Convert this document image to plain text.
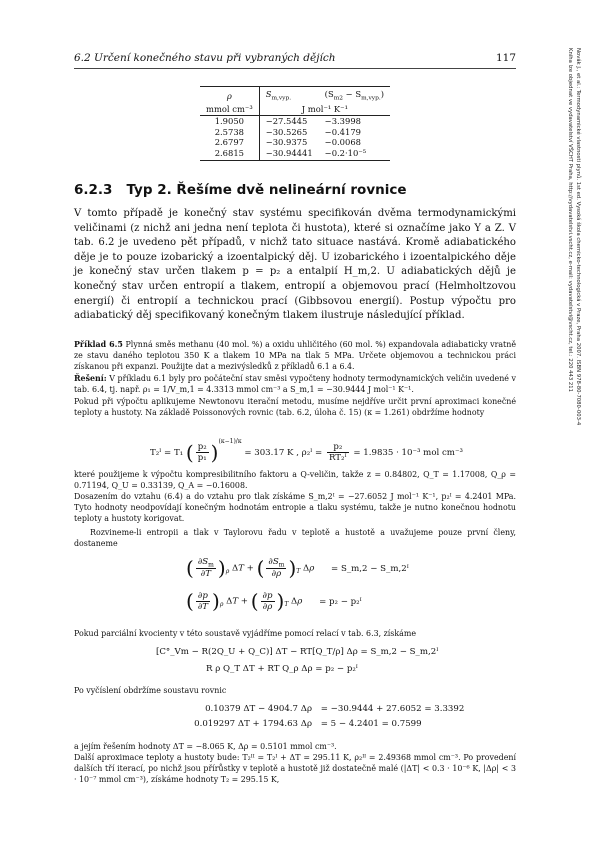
6.2 Určení konečného stavu při vybraných dějích	117	Novák J., et al.: Termodynamické vlastnosti plynů. 1st ed. Vysoká škola chemicko-technologická v Praze, Praha 2007. ISBN 978-80-7080-003-4
Kniha lze objednat ve vydavatelství VŠCHT Praha, http://vydavatelstvi.vscht.cz, e-mail: vydavatelstvi@vscht.cz, tel.: 220 443 211
ρ	$S_{m,vyp.}$	$(S_{m2} - S_{m,vyp.})$
mmol cm⁻³	J mol⁻¹ K⁻¹	
1.9050	−27.5445	−3.3998
2.5738	−30.5265	−0.4179
2.6797	−30.9375	−0.0068
2.6815	−30.94441	−0.2·10⁻⁵
6.2.3 Typ 2. Řešíme dvě nelineární rovnice
V tomto případě je konečný stav systému specifikován dvěma termodynamickými veličinami (z nichž ani jedna není teplota či hustota), které si označíme jako Y a Z. V tab. 6.2 je uvedeno pět případů, v nichž tato situace nastává. Kromě adiabatického děje je to pouze izobarický a izoentalpický děj. U izobarického i izoentalpického děje je konečný stav určen tlakem p = p₂ a entalpií H_m,2. U adiabatických dějů je konečný stav určen entropií a tlakem, entropií a objemovou prací (Helmholtzovou energií) či entropií a technickou prací (Gibbsovou energií). Postup výpočtu pro adiabatický děj specifikovaný konečným tlakem ilustruje následující příklad.
Příklad 6.5 Plynná směs methanu (40 mol. %) a oxidu uhličitého (60 mol. %) expandovala adiabaticky vratně ze stavu daného teplotou 350 K a tlakem 10 MPa na tlak 5 MPa. Určete objemovou a technickou práci získanou při expanzi. Použijte dat a mezivýsledků z příkladů 6.1 a 6.4.
Řešení: V příkladu 6.1 byly pro počáteční stav směsi vypočteny hodnoty termodynamických veličin uvedené v tab. 6.4, tj. např. ρ₁ = 1/V_m,1 = 4.3313 mmol cm⁻³ a S_m,1 = −30.9444 J mol⁻¹ K⁻¹.
Pokud při výpočtu aplikujeme Newtonovu iterační metodu, musíme nejdříve určit první aproximaci konečné teploty a hustoty. Na základě Poissonových rovnic (tab. 6.2, úloha č. 15) (κ = 1.261) obdržíme hodnoty
T₂ᴵ = T₁ ( $\frac{\text{p₂}}{\text{p₁}} )^{(\kappa-1)/\kappa} = 303.17$ K , ρ₂ᴵ = $\frac{\text{p₂}}{\text{RT₂ᴵ}} = 1.9835 \cdot 10^{-3}$ mol cm⁻³
které použijeme k výpočtu kompresibilitního faktoru a Q-veličin, takže z = 0.84802, Q_T = 1.17008, Q_ρ = 0.71194, Q_U = 0.33139, Q_A = −0.16008.
Dosazením do vztahu (6.4) a do vztahu pro tlak získáme S_m,2ᴵ = −27.6052 J mol⁻¹ K⁻¹, p₂ᴵ = 4.2401 MPa. Tyto hodnoty neodpovídají konečným hodnotám entropie a tlaku systému, takže je nutno konečnou hodnotu teploty a hustoty korigovat.
Rozvineme-li entropii a tlak v Taylorovu řadu v teplotě a hustotě a uvažujeme pouze první členy, dostaneme
( $\frac{\partial S_m}{\partial T} )_\rho$ ΔT + ( $\frac{\partial S_m}{\partial\rho} )_T$ Δρ = S_m,2 − S_m,2ᴵ
( $\frac{\partial p}{\partial T} )_\rho$ ΔT + ( $\frac{\partial p}{\partial\rho} )_T$ Δρ = p₂ − p₂ᴵ
Pokud parciální kvocienty v této soustavě vyjádříme pomocí relací v tab. 6.3, získáme
[C°_Vm − R(2Q_U + Q_C)] ΔT − RT[Q_T/ρ] Δρ = S_m,2 − S_m,2ᴵ
R ρ Q_T ΔT + RT Q_ρ Δρ = p₂ − p₂ᴵ
Po vyčíslení obdržíme soustavu rovnic
0.10379 ΔT − 4904.7 Δρ = −30.9444 + 27.6052 = 3.3392
0.019297 ΔT + 1794.63 Δρ = 5 − 4.2401 = 0.7599
a jejím řešením hodnoty ΔT = −8.065 K, Δρ = 0.5101 mmol cm⁻³.
Další aproximace teploty a hustoty bude: T₂ᴵᴵ = T₂ᴵ + ΔT = 295.11 K, ρ₂ᴵᴵ = 2.49368 mmol cm⁻³. Po provedení dalších tří iterací, po nichž jsou přírůstky v teplotě a hustotě již dostatečně malé (|ΔT| < 0.3 · 10⁻⁶ K, |Δρ| < 3 · 10⁻⁷ mmol cm⁻³), získáme hodnoty T₂ = 295.15 K,
